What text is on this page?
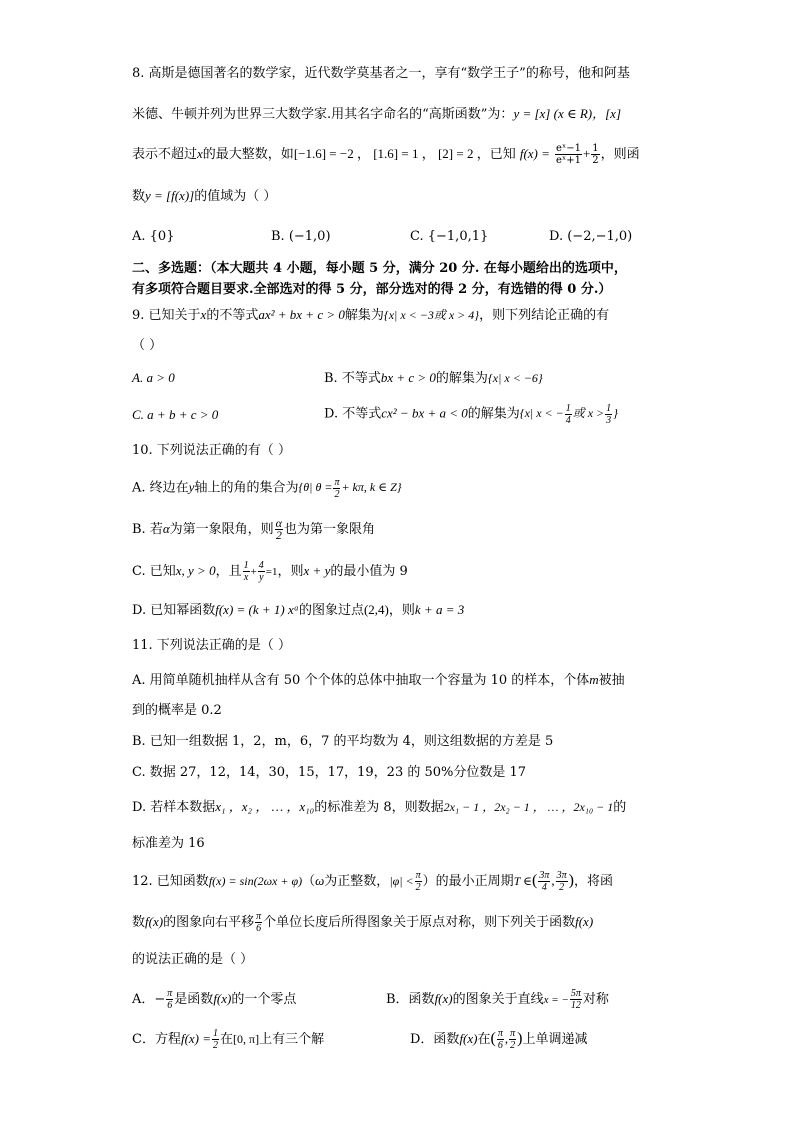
8. 高斯是德国著名的数学家，近代数学莫基者之一，享有“数学王子”的称号，他和阿基
米德、牛顿并列为世界三大数学家.用其名字命名的“高斯函数”为：y = [x] (x ∈ R)，[x]
表示不超过x的最大整数，如[−1.6] = −2 ， [1.6] = 1 ， [2] = 2 ，已知 $f(x) = \frac{\text{eˣ−1}}{\text{eˣ+1}} + \frac{1}{2}$ ，则函
数y = [f(x)]的值域为（ ）
A. {0}	B. (−1,0)	C. {−1,0,1}	D. (−2,−1,0)
二、多选题：（本大题共 4 小题，每小题 5 分，满分 20 分. 在每小题给出的选项中，
有多项符合题目要求.全部选对的得 5 分，部分选对的得 2 分，有选错的得 0 分.）
9. 已知关于x的不等式ax² + bx + c > 0解集为{x| x < −3或 x > 4}，则下列结论正确的有
（ ）
A. a > 0	B. 不等式bx + c > 0的解集为{x| x < −6}
C. a + b + c > 0	D. 不等式cx² − bx + a < 0的解集为{x| x < − $\frac{1}{4}$ 或 $x > \frac{1}{3}$ }
10. 下列说法正确的有（ ）
A. 终边在y轴上的角的集合为{θ| $\theta = \frac{\pi}{2} + k\pi$, k ∈ Z}
B. 若α为第一象限角，则 $\frac{\alpha}{2}$ 也为第一象限角
C. 已知x, y > 0，且 $\frac{1}{x} + \frac{4}{y} =1$，则x + y的最小值为 9
D. 已知幂函数f(x) = (k + 1) xᵃ的图象过点(2,4)，则k + a = 3
11. 下列说法正确的是（ ）
A. 用简单随机抽样从含有 50 个个体的总体中抽取一个容量为 10 的样本，个体m被抽
到的概率是 0.2
B. 已知一组数据 1，2，m，6，7 的平均数为 4，则这组数据的方差是 5
C. 数据 27，12，14，30，15，17，19，23 的 50%分位数是 17
D. 若样本数据x₁ ，x₂ ， … ，x₁₀的标准差为 8，则数据2x₁ − 1 ，2x₂ − 1 ， … ，2x₁₀ − 1的
标准差为 16
12. 已知函数f(x) = sin(2ωx + φ)（ω为正整数，$|\varphi| < \frac{\pi}{2}$ ）的最小正周期T ∈( $\frac{3\pi}{4}$ , $\frac{3\pi}{2}$ )，将函
数f(x)的图象向右平移 $\frac{\pi}{6}$ 个单位长度后所得图象关于原点对称，则下列关于函数f(x)
的说法正确的是（ ）
A．− $\frac{\pi}{6}$ 是函数f(x)的一个零点	B．函数f(x)的图象关于直线x = − $\frac{5\pi}{12}$ 对称
C．方程$f(x) = \frac{1}{2}$ 在[0, π]上有三个解	D．函数f(x)在( $\frac{\pi}{6}$ , $\frac{\pi}{2}$ )上单调递减
